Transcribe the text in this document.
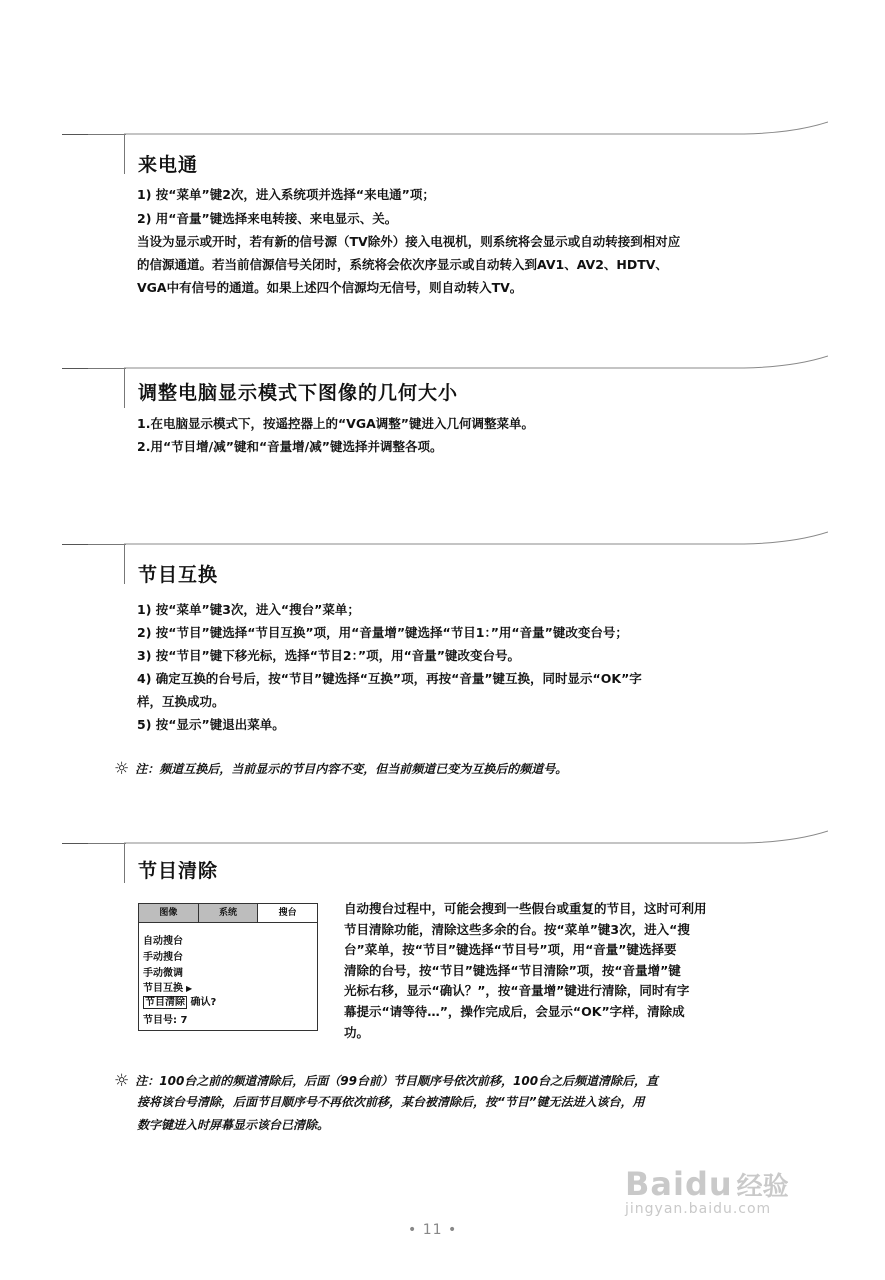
来电通
1) 按“菜单”键2次，进入系统项并选择“来电通”项；
2) 用“音量”键选择来电转接、来电显示、关。
当设为显示或开时，若有新的信号源（TV除外）接入电视机，则系统将会显示或自动转接到相对应
的信源通道。若当前信源信号关闭时，系统将会依次序显示或自动转入到AV1、AV2、HDTV、
VGA中有信号的通道。如果上述四个信源均无信号，则自动转入TV。
调整电脑显示模式下图像的几何大小
1.在电脑显示模式下，按遥控器上的“VGA调整”键进入几何调整菜单。
2.用“节目增/减”键和“音量增/减”键选择并调整各项。
节目互换
1) 按“菜单”键3次，进入“搜台”菜单；
2) 按“节目”键选择“节目互换”项，用“音量增”键选择“节目1：”用“音量”键改变台号；
3) 按“节目”键下移光标，选择“节目2：”项，用“音量”键改变台号。
4) 确定互换的台号后，按“节目”键选择“互换”项，再按“音量”键互换，同时显示“OK”字
样，互换成功。
5) 按“显示”键退出菜单。
☼ 注：频道互换后，当前显示的节目内容不变，但当前频道已变为互换后的频道号。
节目清除
图像	系统	搜台
自动搜台
手动搜台
手动微调
节目互换 ▶
节目清除 确认?
节目号: 7
自动搜台过程中，可能会搜到一些假台或重复的节目，这时可利用
节目清除功能，清除这些多余的台。按“菜单”键3次，进入“搜
台”菜单，按“节目”键选择“节目号”项，用“音量”键选择要
清除的台号，按“节目”键选择“节目清除”项，按“音量增”键
光标右移，显示“确认？”，按“音量增”键进行清除，同时有字
幕提示“请等待…”，操作完成后，会显示“OK”字样，清除成
功。
☼ 注：100台之前的频道清除后，后面（99台前）节目顺序号依次前移，100台之后频道清除后，直
接将该台号清除，后面节目顺序号不再依次前移，某台被清除后，按“节目”键无法进入该台，用
数字键进入时屏幕显示该台已清除。
• 11 •
Baidu 经验
jingyan.baidu.com
